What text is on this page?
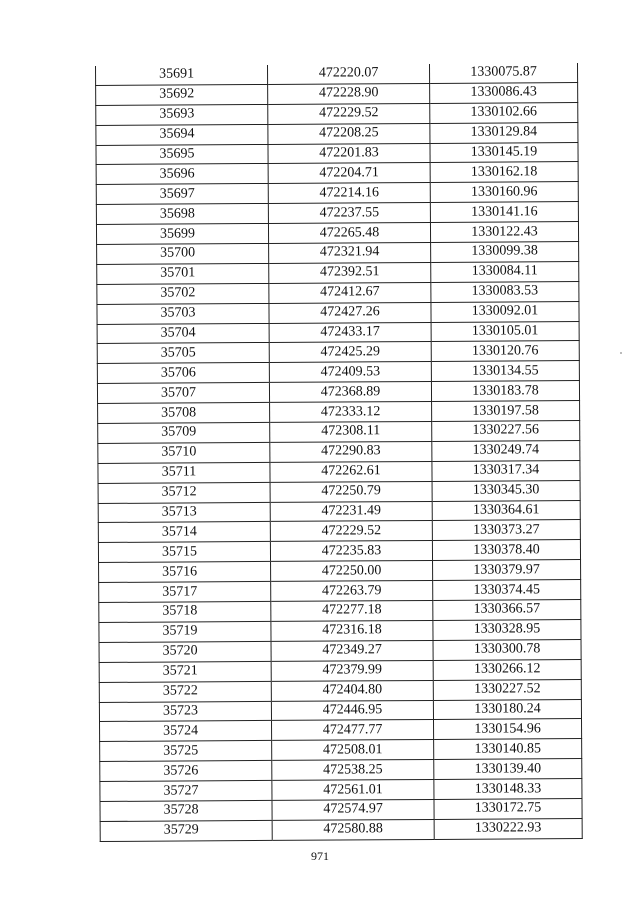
35691	472220.07	1330075.87
35692	472228.90	1330086.43
35693	472229.52	1330102.66
35694	472208.25	1330129.84
35695	472201.83	1330145.19
35696	472204.71	1330162.18
35697	472214.16	1330160.96
35698	472237.55	1330141.16
35699	472265.48	1330122.43
35700	472321.94	1330099.38
35701	472392.51	1330084.11
35702	472412.67	1330083.53
35703	472427.26	1330092.01
35704	472433.17	1330105.01
35705	472425.29	1330120.76
35706	472409.53	1330134.55
35707	472368.89	1330183.78
35708	472333.12	1330197.58
35709	472308.11	1330227.56
35710	472290.83	1330249.74
35711	472262.61	1330317.34
35712	472250.79	1330345.30
35713	472231.49	1330364.61
35714	472229.52	1330373.27
35715	472235.83	1330378.40
35716	472250.00	1330379.97
35717	472263.79	1330374.45
35718	472277.18	1330366.57
35719	472316.18	1330328.95
35720	472349.27	1330300.78
35721	472379.99	1330266.12
35722	472404.80	1330227.52
35723	472446.95	1330180.24
35724	472477.77	1330154.96
35725	472508.01	1330140.85
35726	472538.25	1330139.40
35727	472561.01	1330148.33
35728	472574.97	1330172.75
35729	472580.88	1330222.93
971
